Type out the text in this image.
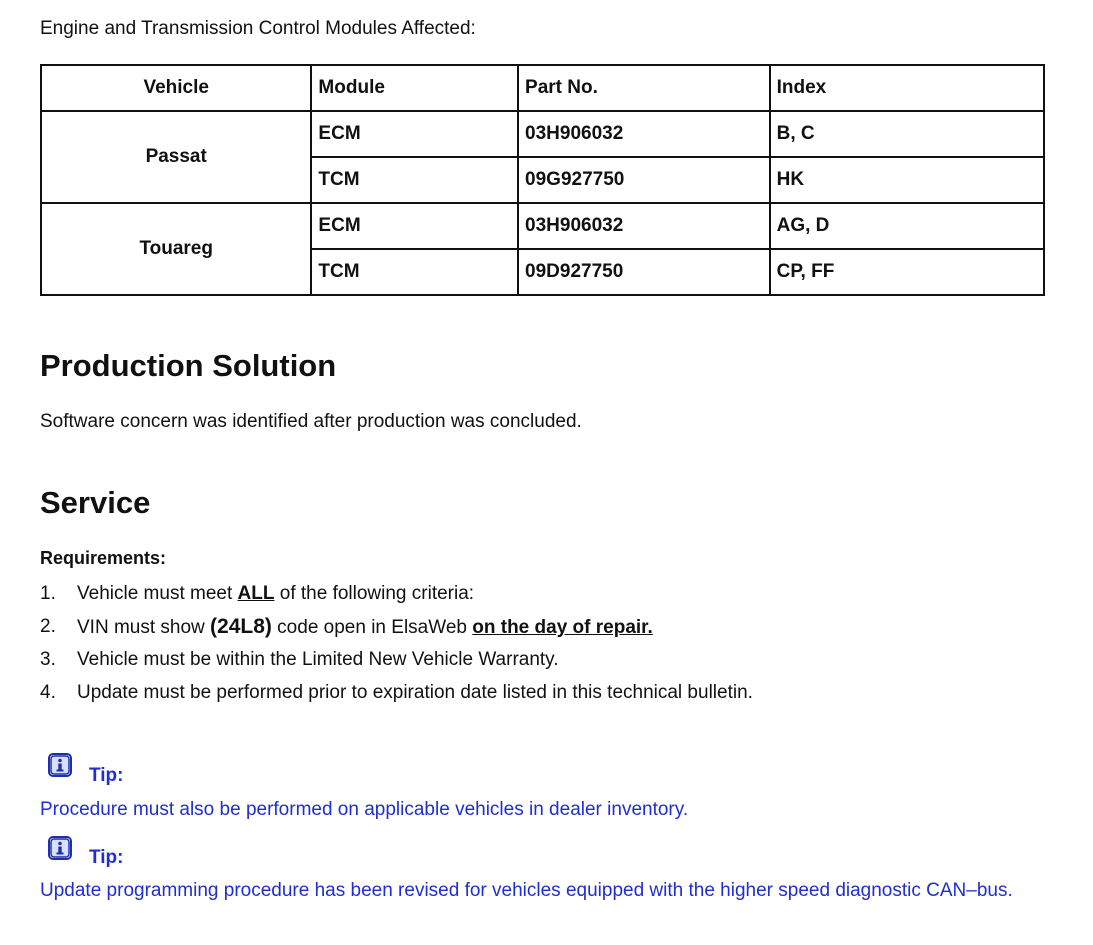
Engine and Transmission Control Modules Affected:
Vehicle	Module	Part No.	Index
Passat	ECM	03H906032	B, C
	TCM	09G927750	HK
Touareg	ECM	03H906032	AG, D
	TCM	09D927750	CP, FF
Production Solution
Software concern was identified after production was concluded.
Service
Requirements:
1. Vehicle must meet ALL of the following criteria:
2. VIN must show (24L8) code open in ElsaWeb on the day of repair.
3. Vehicle must be within the Limited New Vehicle Warranty.
4. Update must be performed prior to expiration date listed in this technical bulletin.
Tip:
Procedure must also be performed on applicable vehicles in dealer inventory.
Tip:
Update programming procedure has been revised for vehicles equipped with the higher speed diagnostic CAN–bus.
